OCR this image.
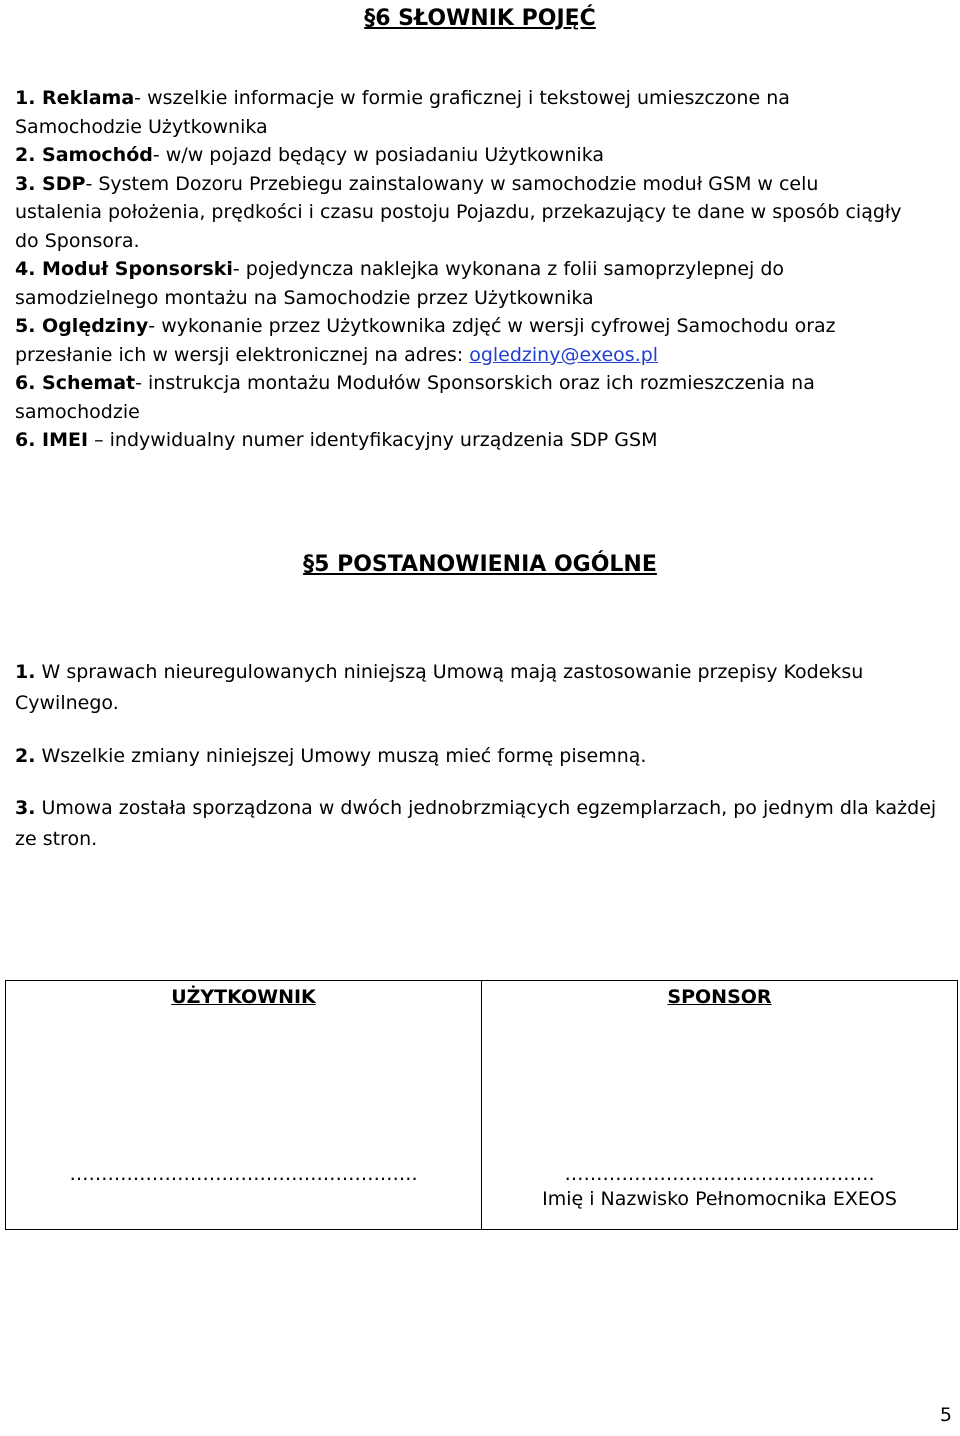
§6 SŁOWNIK POJĘĆ
1. Reklama- wszelkie informacje w formie graficznej i tekstowej umieszczone na
Samochodzie Użytkownika
2. Samochód- w/w pojazd będący w posiadaniu Użytkownika
3. SDP- System Dozoru Przebiegu zainstalowany w samochodzie moduł GSM w celu
ustalenia położenia, prędkości i czasu postoju Pojazdu, przekazujący te dane w sposób ciągły
do Sponsora.
4. Moduł Sponsorski- pojedyncza naklejka wykonana z folii samoprzylepnej do
samodzielnego montażu na Samochodzie przez Użytkownika
5. Oględziny- wykonanie przez Użytkownika zdjęć w wersji cyfrowej Samochodu oraz
przesłanie ich w wersji elektronicznej na adres: ogledziny@exeos.pl
6. Schemat- instrukcja montażu Modułów Sponsorskich oraz ich rozmieszczenia na
samochodzie
6. IMEI – indywidualny numer identyfikacyjny urządzenia SDP GSM
§5 POSTANOWIENIA OGÓLNE
1. W sprawach nieuregulowanych niniejszą Umową mają zastosowanie przepisy Kodeksu Cywilnego.
2. Wszelkie zmiany niniejszej Umowy muszą mieć formę pisemną.
3. Umowa została sporządzona w dwóch jednobrzmiących egzemplarzach, po jednym dla każdej ze stron.
UŻYTKOWNIK
……………………………………………….

SPONSOR
………………………………………….
Imię i Nazwisko Pełnomocnika EXEOS
5
